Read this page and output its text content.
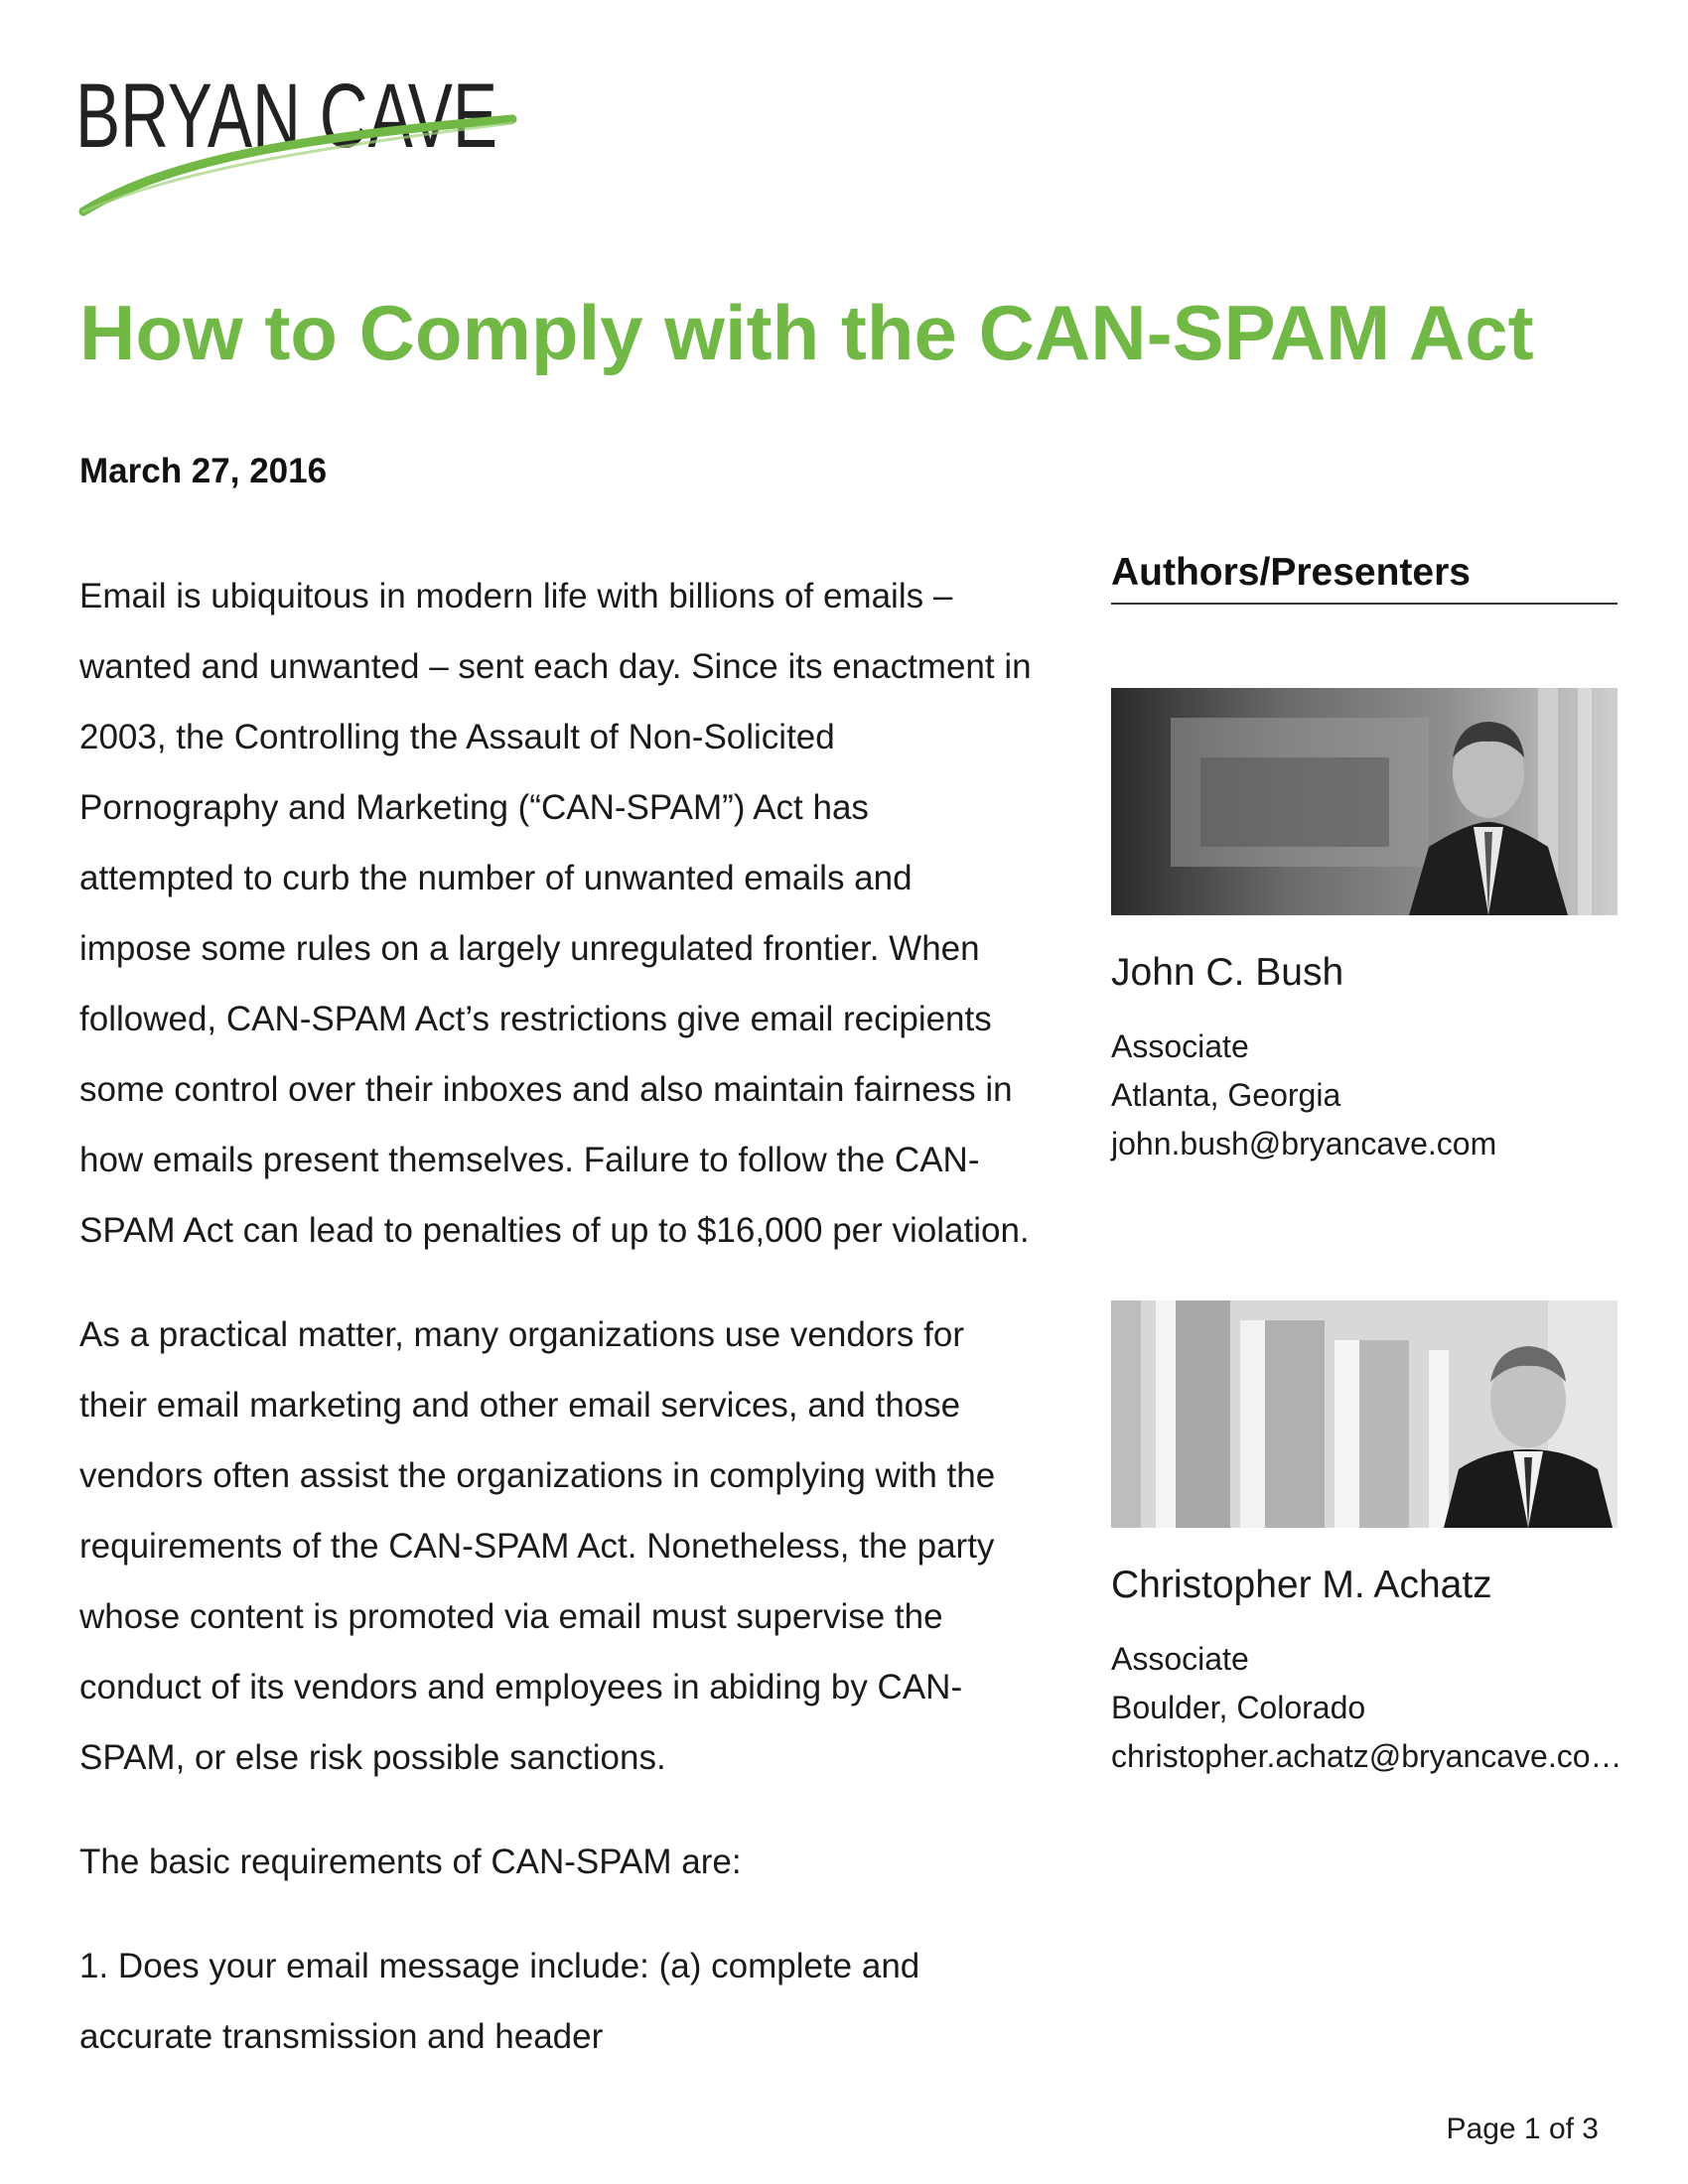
BRYAN CAVE
How to Comply with the CAN-SPAM Act
March 27, 2016

Email is ubiquitous in modern life with billions of emails – wanted and unwanted – sent each day. Since its enactment in 2003, the Controlling the Assault of Non-Solicited Pornography and Marketing (“CAN-SPAM”) Act has attempted to curb the number of unwanted emails and impose some rules on a largely unregulated frontier. When followed, CAN-SPAM Act’s restrictions give email recipients some control over their inboxes and also maintain fairness in how emails present themselves. Failure to follow the CAN-SPAM Act can lead to penalties of up to $16,000 per violation.

As a practical matter, many organizations use vendors for their email marketing and other email services, and those vendors often assist the organizations in complying with the requirements of the CAN-SPAM Act. Nonetheless, the party whose content is promoted via email must supervise the conduct of its vendors and employees in abiding by CAN-SPAM, or else risk possible sanctions.

The basic requirements of CAN-SPAM are:

1. Does your email message include: (a) complete and accurate transmission and header

Authors/Presenters
John C. Bush
Associate
Atlanta, Georgia
john.bush@bryancave.com
Christopher M. Achatz
Associate
Boulder, Colorado
christopher.achatz@bryancave.co…
Page 1 of 3
